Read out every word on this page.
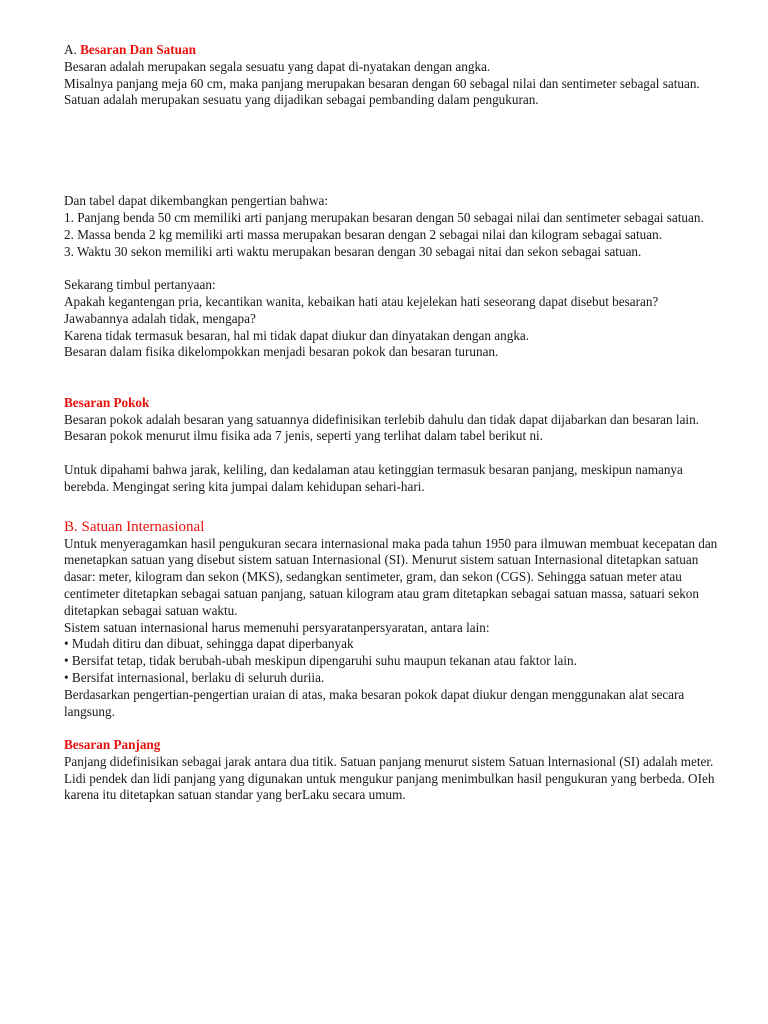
A. Besaran Dan Satuan

Besaran adalah merupakan segala sesuatu yang dapat di-nyatakan dengan angka.

Misalnya panjang meja 60 cm, maka panjang merupakan besaran dengan 60 sebagal nilai dan sentimeter sebagal satuan.

Satuan adalah merupakan sesuatu yang dijadikan sebagai pembanding dalam pengukuran.

Dan tabel dapat dikembangkan pengertian bahwa:

1. Panjang benda 50 cm memiliki arti panjang merupakan besaran dengan 50 sebagai nilai dan sentimeter sebagai satuan.

2. Massa benda 2 kg memiliki arti massa merupakan besaran dengan 2 sebagai nilai dan kilogram sebagai satuan.

3. Waktu 30 sekon memiliki arti waktu merupakan besaran dengan 30 sebagai nitai dan sekon sebagai satuan.

Sekarang timbul pertanyaan:

Apakah kegantengan pria, kecantikan wanita, kebaikan hati atau kejelekan hati seseorang dapat disebut besaran?

Jawabannya adalah tidak, mengapa?

Karena tidak termasuk besaran, hal mi tidak dapat diukur dan dinyatakan dengan angka.

Besaran dalam fisika dikelompokkan menjadi besaran pokok dan besaran turunan.

Besaran Pokok

Besaran pokok adalah besaran yang satuannya didefinisikan terlebib dahulu dan tidak dapat dijabarkan dan besaran lain.

Besaran pokok menurut ilmu fisika ada 7 jenis, seperti yang terlihat dalam tabel berikut ni.

Untuk dipahami bahwa jarak, keliling, dan kedalaman atau ketinggian termasuk besaran panjang, meskipun namanya berebda. Mengingat sering kita jumpai dalam kehidupan sehari-hari.

B. Satuan Internasional

Untuk menyeragamkan hasil pengukuran secara internasional maka pada tahun 1950 para ilmuwan membuat kecepatan dan menetapkan satuan yang disebut sistem satuan Internasional (SI). Menurut sistem satuan Internasional ditetapkan satuan dasar: meter, kilogram dan sekon (MKS), sedangkan sentimeter, gram, dan sekon (CGS). Sehingga satuan meter atau centimeter ditetapkan sebagai satuan panjang, satuan kilogram atau gram ditetapkan sebagai satuan massa, satuari sekon ditetapkan sebagai satuan waktu.

Sistem satuan internasional harus memenuhi persyaratanpersyaratan, antara lain:

• Mudah ditiru dan dibuat, sehingga dapat diperbanyak
• Bersifat tetap, tidak berubah-ubah meskipun dipengaruhi suhu maupun tekanan atau faktor lain.
• Bersifat internasional, berlaku di seluruh duriia.

Berdasarkan pengertian-pengertian uraian di atas, maka besaran pokok dapat diukur dengan menggunakan alat secara langsung.

Besaran Panjang

Panjang didefinisikan sebagai jarak antara dua titik. Satuan panjang menurut sistem Satuan lnternasional (SI) adalah meter.

Lidi pendek dan lidi panjang yang digunakan untuk mengukur panjang menimbulkan hasil pengukuran yang berbeda. OIeh karena itu ditetapkan satuan standar yang berLaku secara umum.
